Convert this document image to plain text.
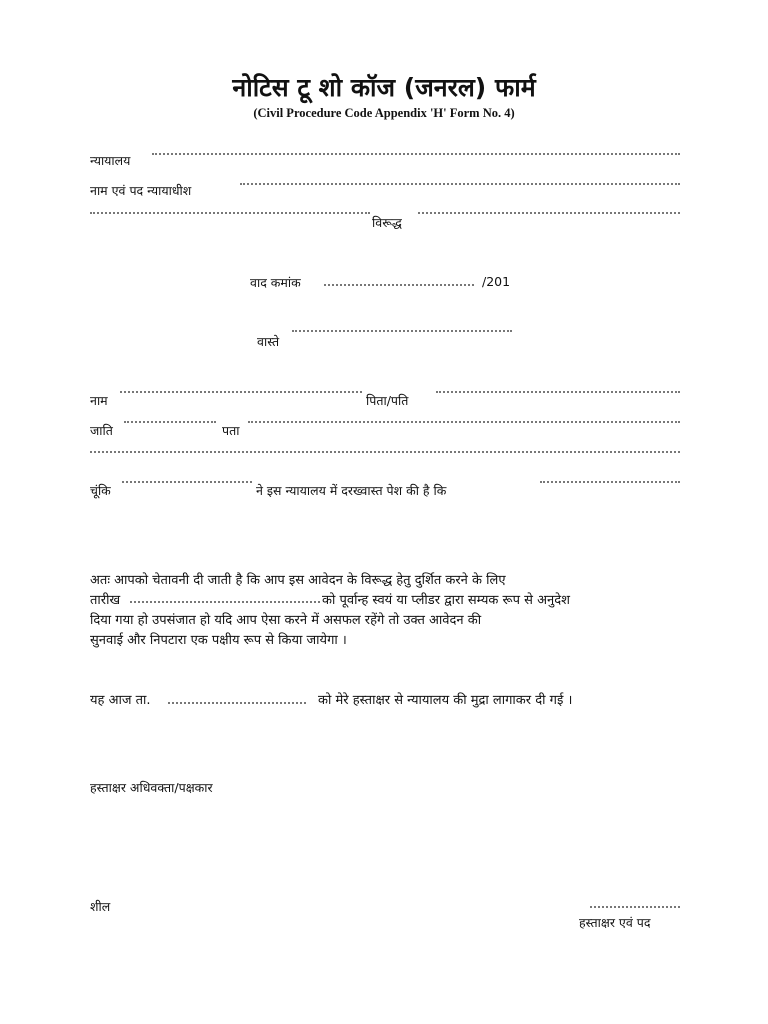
नोटिस टू शो कॉज (जनरल) फार्म
(Civil Procedure Code Appendix 'H' Form No. 4)
न्यायालय
नाम एवं पद न्यायाधीश
विरूद्ध
वाद कमांक	/201
वास्ते
नाम	पिता/पति
जाति	पता
चूंकि	ने इस न्यायालय में दरख्वास्त पेश की है कि
अतः आपको चेतावनी दी जाती है कि आप इस आवेदन के विरूद्ध हेतु दुर्शित करने के लिए
तारीख	को पूर्वान्ह स्वयं या प्लीडर द्वारा सम्यक रूप से अनुदेश
दिया गया हो उपसंजात हो यदि आप ऐसा करने में असफल रहेंगे तो उक्त आवेदन की
सुनवाई और निपटारा एक पक्षीय रूप से किया जायेगा ।
यह आज ता.	को मेरे हस्ताक्षर से न्यायालय की मुद्रा लागाकर दी गई ।
हस्ताक्षर अधिवक्ता/पक्षकार
शील
हस्ताक्षर एवं पद
